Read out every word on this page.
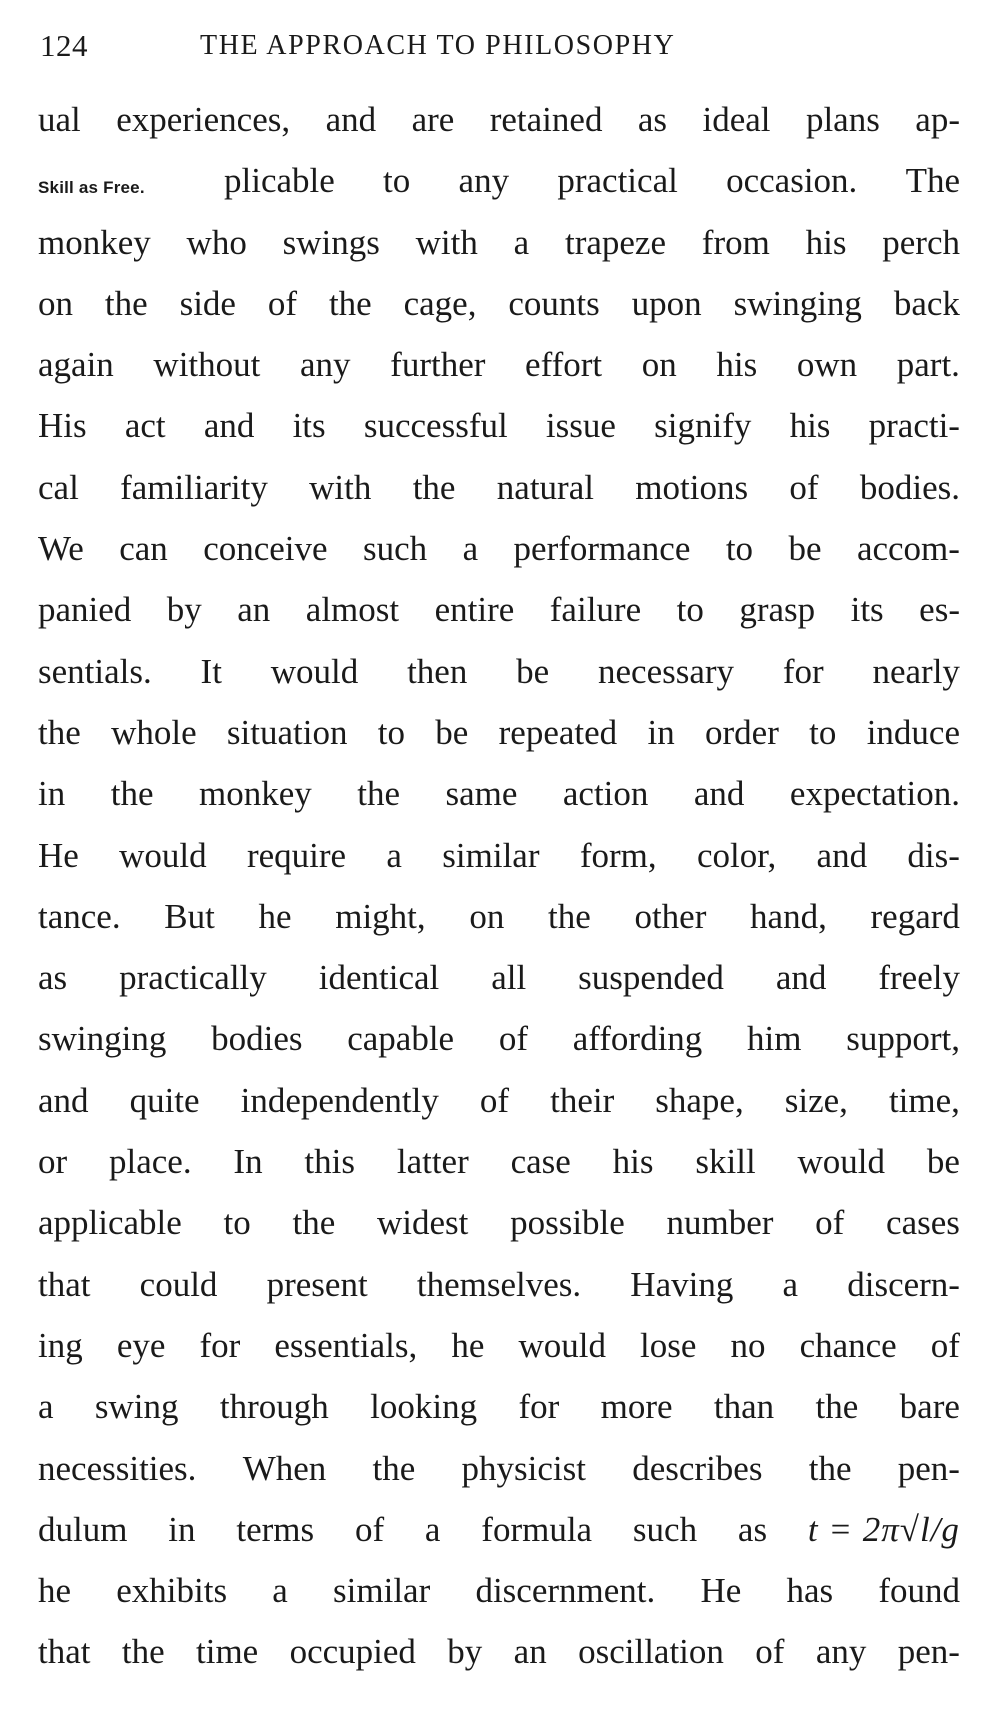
124	THE APPROACH TO PHILOSOPHY
ual experiences, and are retained as ideal plans ap-
Skill as Free. plicable to any practical occasion. The
monkey who swings with a trapeze from his perch
on the side of the cage, counts upon swinging back
again without any further effort on his own part.
His act and its successful issue signify his practi-
cal familiarity with the natural motions of bodies.
We can conceive such a performance to be accom-
panied by an almost entire failure to grasp its es-
sentials. It would then be necessary for nearly
the whole situation to be repeated in order to induce
in the monkey the same action and expectation.
He would require a similar form, color, and dis-
tance. But he might, on the other hand, regard
as practically identical all suspended and freely
swinging bodies capable of affording him support,
and quite independently of their shape, size, time,
or place. In this latter case his skill would be
applicable to the widest possible number of cases
that could present themselves. Having a discern-
ing eye for essentials, he would lose no chance of
a swing through looking for more than the bare
necessities. When the physicist describes the pen-
dulum in terms of a formula such as t = 2π√l/g
he exhibits a similar discernment. He has found
that the time occupied by an oscillation of any pen-
